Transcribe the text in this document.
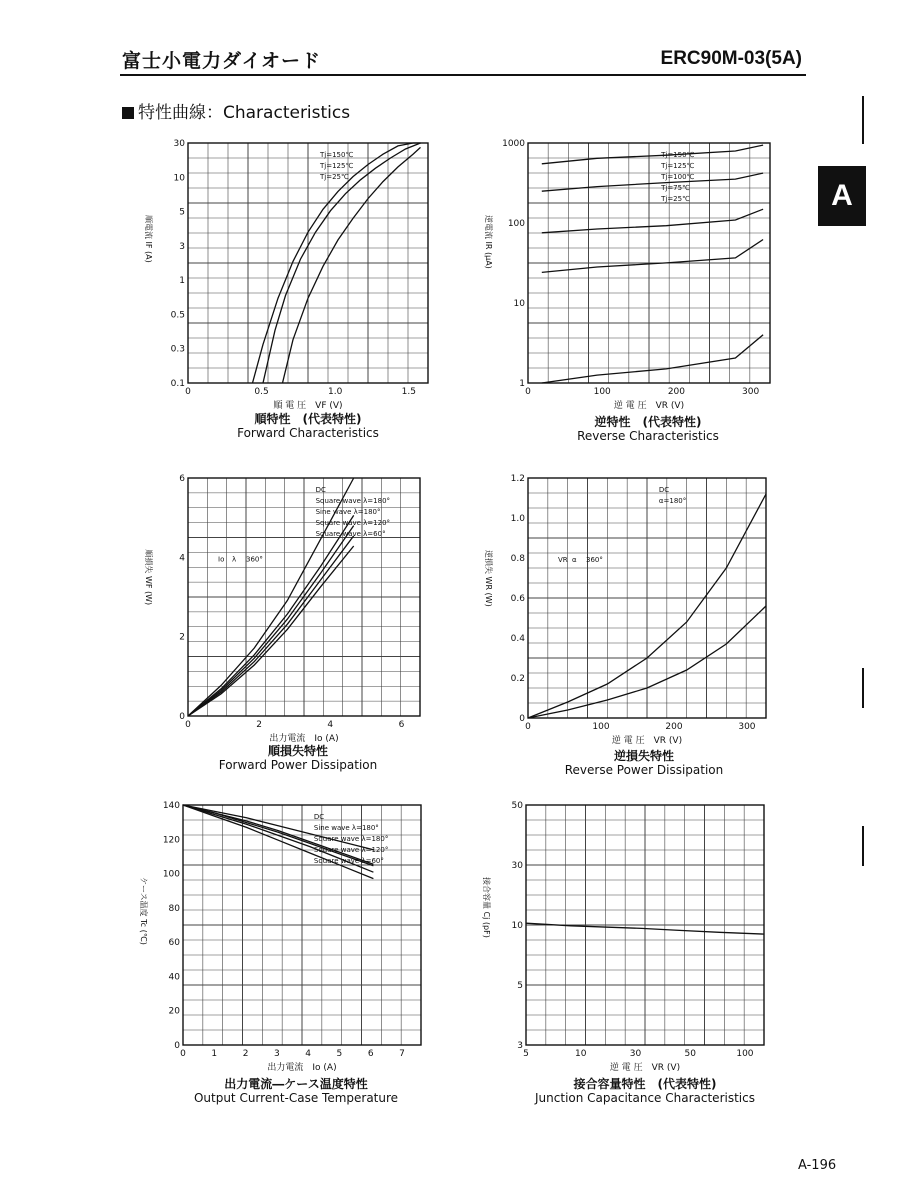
富士小電力ダイオード	ERC90M-03(5A)
特性曲線：Characteristics
A
A-196
0	0.5	1.0	1.5
30
10
5
3
1
0.5
0.3
0.1
Tj=150℃
Tj=125℃
Tj=25℃
順 電 圧　VF (V)
順電流 IF (A)
順特性　(代表特性)
Forward Characteristics
0	100	200	300
1000
100
10
1
Tj=150℃
Tj=125℃
Tj=100℃
Tj=75℃
Tj=25℃
逆 電 圧　VR (V)
逆電流 IR (μA)
逆特性　(代表特性)
Reverse Characteristics
0	2	4	6
6
4
2
0
DC
Square wave λ=180°
Sine wave λ=180°
Square wave λ=120°
Square wave λ=60°
Io λ 360°
出力電流　Io (A)
順損失 WF (W)
順損失特性
Forward Power Dissipation
0	100	200	300
1.2
1.0
0.8
0.6
0.4
0.2
0
DC
α=180°
VR α 360°
逆 電 圧　VR (V)
逆損失 WR (W)
逆損失特性
Reverse Power Dissipation
0	1	2	3	4	5	6	7
140
120
100
80
60
40
20
0
DC
Sine wave λ=180°
Square wave λ=180°
Square wave λ=120°
Square wave λ=60°
出力電流　Io (A)
ケース温度 Tc (℃)
出力電流―ケース温度特性
Output Current-Case Temperature
5	10	30	50	100
50
30
10
5
3
逆 電 圧　VR (V)
接合容量 Cj (pF)
接合容量特性　(代表特性)
Junction Capacitance Characteristics
